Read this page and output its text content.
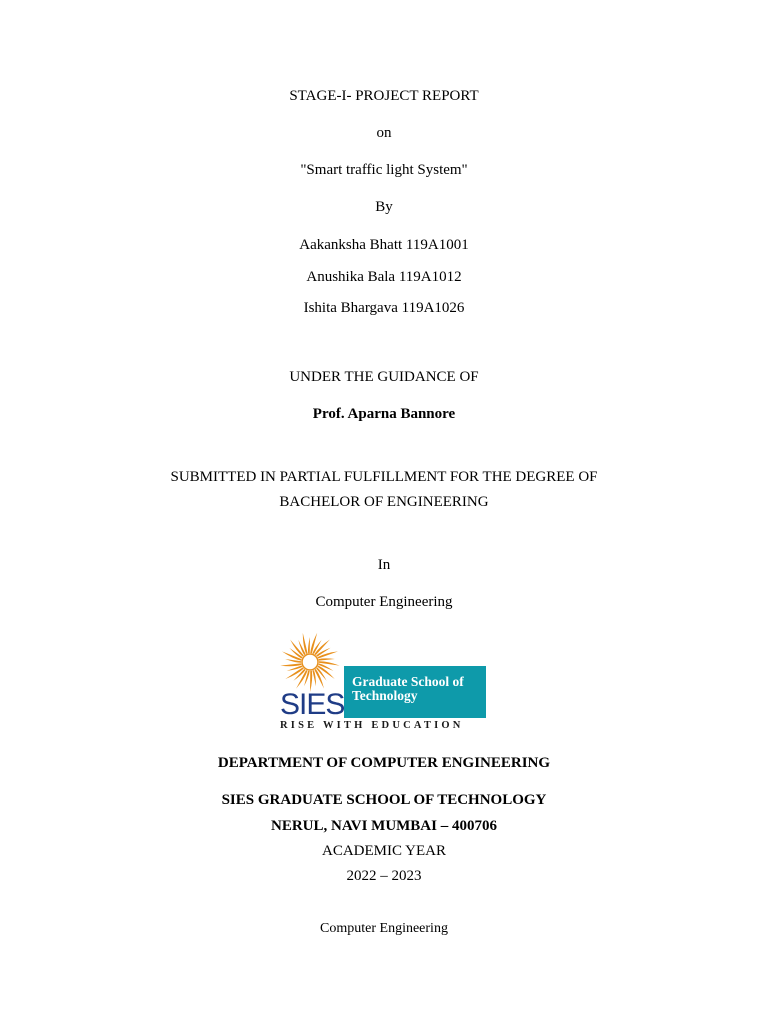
STAGE-I- PROJECT REPORT
on
"Smart traffic light System"
By
Aakanksha Bhatt 119A1001
Anushika Bala 119A1012
Ishita Bhargava 119A1026
UNDER THE GUIDANCE OF
Prof. Aparna Bannore
SUBMITTED IN PARTIAL FULFILLMENT FOR THE DEGREE OF
BACHELOR OF ENGINEERING
In
Computer Engineering
SIES
Graduate School of
Technology
RISE WITH EDUCATION
DEPARTMENT OF COMPUTER ENGINEERING
SIES GRADUATE SCHOOL OF TECHNOLOGY
NERUL, NAVI MUMBAI – 400706
ACADEMIC YEAR
2022 – 2023
Computer Engineering
